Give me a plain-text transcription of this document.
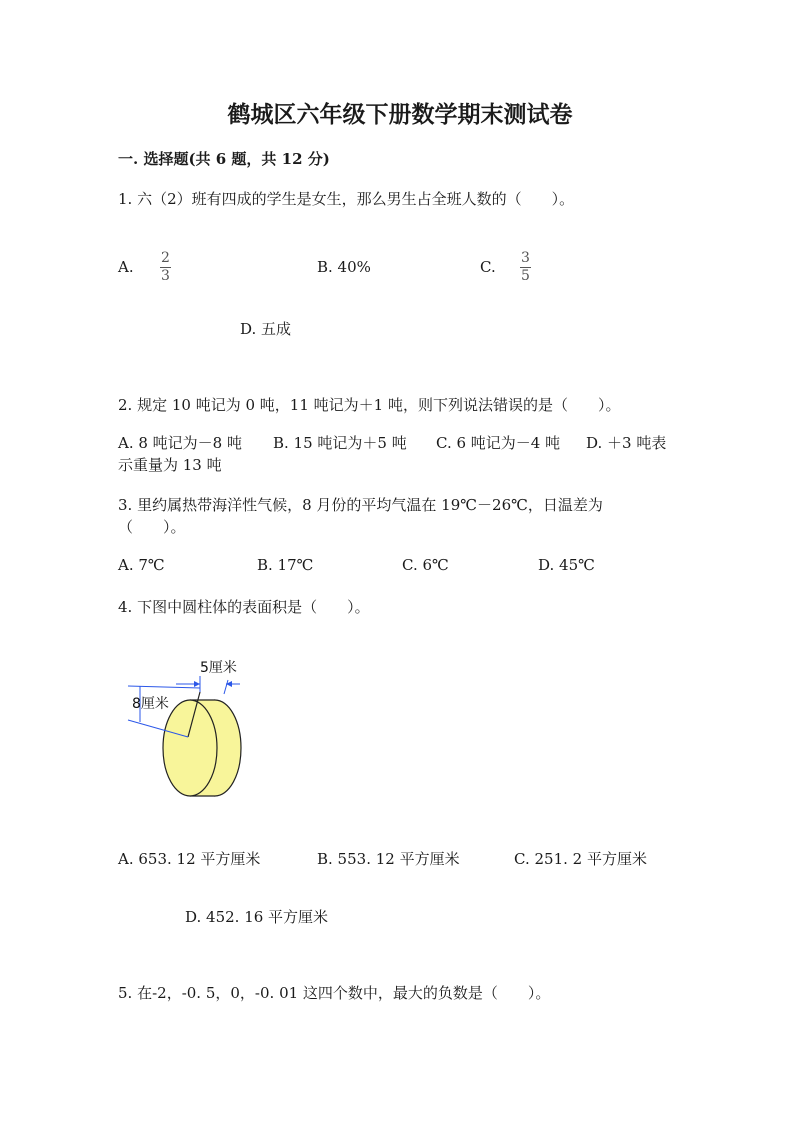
鹤城区六年级下册数学期末测试卷
一. 选择题(共 6 题，共 12 分)
1. 六（2）班有四成的学生是女生，那么男生占全班人数的（　　）。
A. 2
3	B. 40%	C. 3
5
D. 五成
2. 规定 10 吨记为 0 吨，11 吨记为＋1 吨，则下列说法错误的是（　　）。
A. 8 吨记为－8 吨 B. 15 吨记为＋5 吨 C. 6 吨记为－4 吨 D. ＋3 吨表示重量为 13 吨
3. 里约属热带海洋性气候，8 月份的平均气温在 19℃－26℃，日温差为
（　　）。
A. 7℃	B. 17℃	C. 6℃	D. 45℃
4. 下图中圆柱体的表面积是（　　）。
5厘米
8厘米
A. 653. 12 平方厘米	B. 553. 12 平方厘米	C. 251. 2 平方厘米
D. 452. 16 平方厘米
5. 在-2，-0. 5，0，-0. 01 这四个数中，最大的负数是（　　）。
